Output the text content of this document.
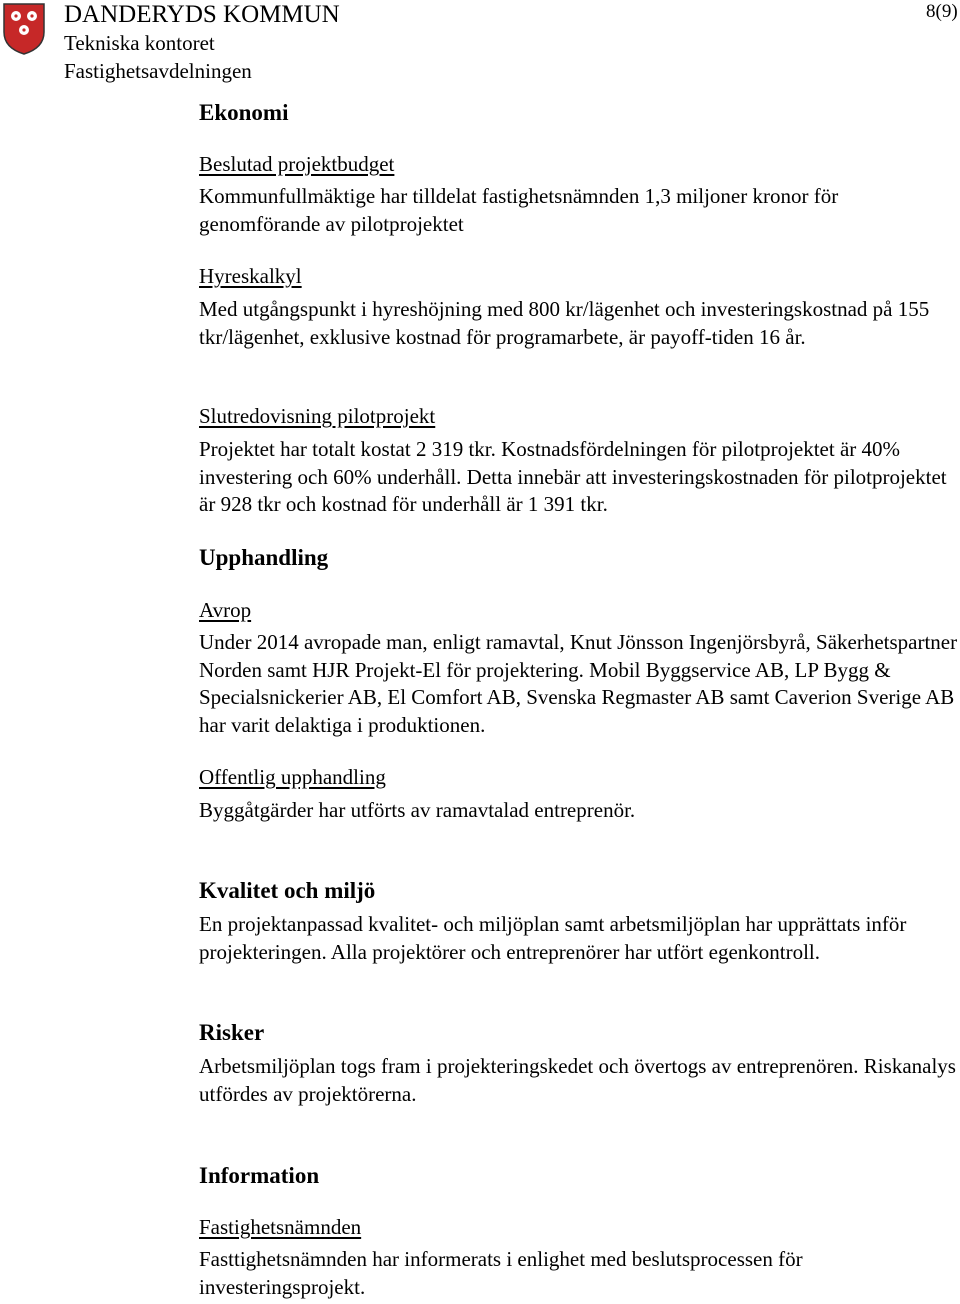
DANDERYDS KOMMUN
Tekniska kontoret
Fastighetsavdelningen
8(9)
Ekonomi
Beslutad projektbudget
Kommunfullmäktige har tilldelat fastighetsnämnden 1,3 miljoner kronor för genomförande av pilotprojektet
Hyreskalkyl
Med utgångspunkt i hyreshöjning med 800 kr/lägenhet och investeringskostnad på 155 tkr/lägenhet, exklusive kostnad för programarbete, är payoff-tiden 16 år.
Slutredovisning pilotprojekt
Projektet har totalt kostat 2 319 tkr. Kostnadsfördelningen för pilotprojektet är 40% investering och 60% underhåll. Detta innebär att investeringskostnaden för pilotprojektet är 928 tkr och kostnad för underhåll är 1 391 tkr.
Upphandling
Avrop
Under 2014 avropade man, enligt ramavtal, Knut Jönsson Ingenjörsbyrå, Säkerhetspartner Norden samt HJR Projekt-El för projektering. Mobil Byggservice AB, LP Bygg & Specialsnickerier AB, El Comfort AB, Svenska Regmaster AB samt Caverion Sverige AB har varit delaktiga i produktionen.
Offentlig upphandling
Byggåtgärder har utförts av ramavtalad entreprenör.
Kvalitet och miljö
En projektanpassad kvalitet- och miljöplan samt arbetsmiljöplan har upprättats inför projekteringen. Alla projektörer och entreprenörer har utfört egenkontroll.
Risker
Arbetsmiljöplan togs fram i projekteringskedet och övertogs av entreprenören. Riskanalys utfördes av projektörerna.
Information
Fastighetsnämnden
Fasttighetsnämnden har informerats i enlighet med beslutsprocessen för investeringsprojekt.
